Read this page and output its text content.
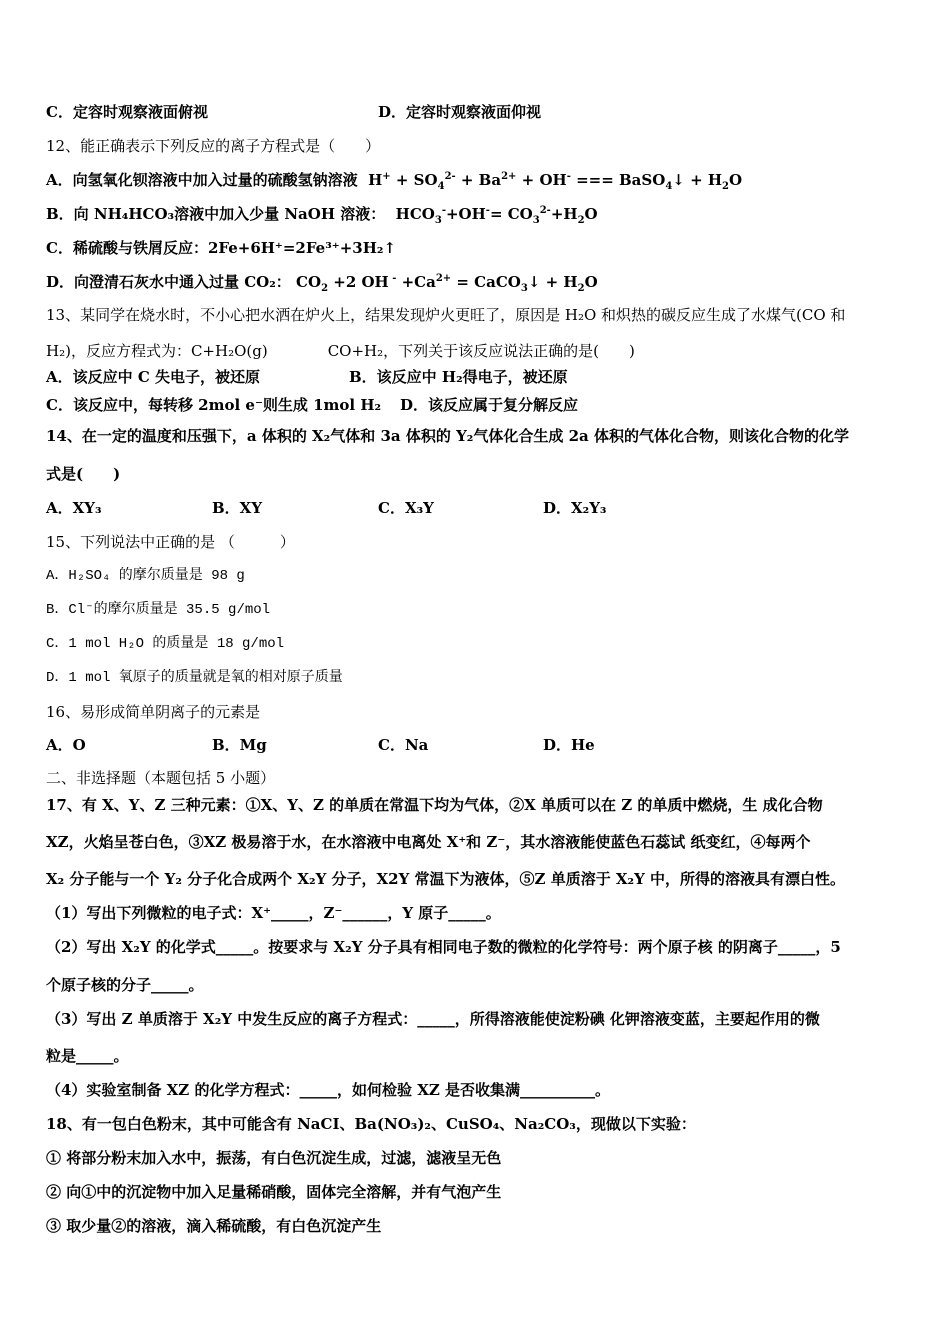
C．定容时观察液面俯视	D．定容时观察液面仰视
12、能正确表示下列反应的离子方程式是（　　）
A．向氢氧化钡溶液中加入过量的硫酸氢钠溶液  $H^+ + SO_4^{2-} + Ba^{2+} + OH^-$ === BaSO$_4$↓ + $H_2O$
B．向 NH₄HCO₃溶液中加入少量 NaOH 溶液：  $HCO_3^-+OH^-= CO_3^{2-}+H_2O$
C．稀硫酸与铁屑反应：2Fe+6H⁺=2Fe³⁺+3H₂↑
D．向澄清石灰水中通入过量 CO₂： $CO_2 +2$ OH $^- +Ca^{2+}$ = CaCO$_3$↓ + $H_2O$
13、某同学在烧水时，不小心把水洒在炉火上，结果发现炉火更旺了，原因是 H₂O 和炽热的碳反应生成了水煤气(CO 和
H₂)，反应方程式为：C+H₂O(g)	CO+H₂，下列关于该反应说法正确的是(　　)
A．该反应中 C 失电子，被还原	B．该反应中 H₂得电子，被还原
C．该反应中，每转移 2mol e⁻则生成 1mol H₂ D．该反应属于复分解反应
14、在一定的温度和压强下，a 体积的 X₂气体和 3a 体积的 Y₂气体化合生成 2a 体积的气体化合物，则该化合物的化学
式是(　　)
A．XY₃	B．XY	C．X₃Y	D．X₂Y₃
15、下列说法中正确的是 （　　　）
A．H₂SO₄ 的摩尔质量是 98 g
B．Cl⁻的摩尔质量是 35.5 g/mol
C．1 mol H₂O 的质量是 18 g/mol
D．1 mol 氧原子的质量就是氧的相对原子质量
16、易形成简单阴离子的元素是
A．O	B．Mg	C．Na	D．He
二、非选择题（本题包括 5 小题）
17、有 X、Y、Z 三种元素：①X、Y、Z 的单质在常温下均为气体，②X 单质可以在 Z 的单质中燃烧，生 成化合物
XZ，火焰呈苍白色，③XZ 极易溶于水，在水溶液中电离处 X⁺和 Z⁻，其水溶液能使蓝色石蕊试 纸变红，④每两个
X₂ 分子能与一个 Y₂ 分子化合成两个 X₂Y 分子，X2Y 常温下为液体，⑤Z 单质溶于 X₂Y 中，所得的溶液具有漂白性。
（1）写出下列微粒的电子式：X⁺_____，Z⁻______，Y 原子_____。
（2）写出 X₂Y 的化学式_____。按要求与 X₂Y 分子具有相同电子数的微粒的化学符号：两个原子核 的阴离子_____，5
个原子核的分子_____。
（3）写出 Z 单质溶于 X₂Y 中发生反应的离子方程式：_____，所得溶液能使淀粉碘 化钾溶液变蓝，主要起作用的微
粒是_____。
（4）实验室制备 XZ 的化学方程式：_____，如何检验 XZ 是否收集满__________。
18、有一包白色粉末，其中可能含有 NaCI、Ba(NO₃)₂、CuSO₄、Na₂CO₃，现做以下实验：
① 将部分粉末加入水中，振荡，有白色沉淀生成，过滤，滤液呈无色
② 向①中的沉淀物中加入足量稀硝酸，固体完全溶解，并有气泡产生
③ 取少量②的溶液，滴入稀硫酸，有白色沉淀产生
